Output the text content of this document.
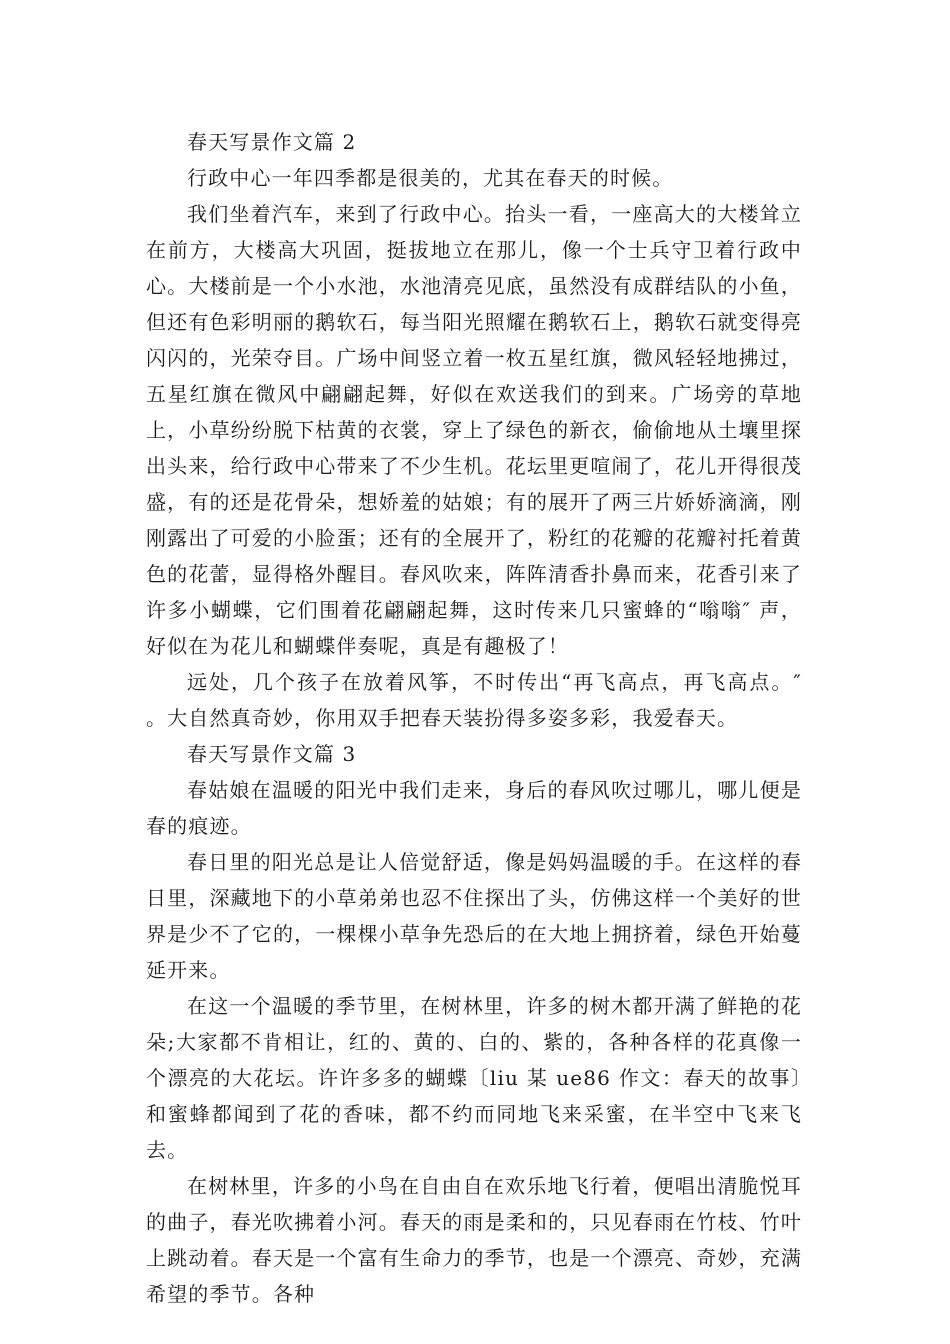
春天写景作文篇 2

行政中心一年四季都是很美的，尤其在春天的时候。

我们坐着汽车，来到了行政中心。抬头一看，一座高大的大楼耸立在前方，大楼高大巩固，挺拔地立在那儿，像一个士兵守卫着行政中心。大楼前是一个小水池，水池清亮见底，虽然没有成群结队的小鱼，但还有色彩明丽的鹅软石，每当阳光照耀在鹅软石上，鹅软石就变得亮闪闪的，光荣夺目。广场中间竖立着一枚五星红旗，微风轻轻地拂过，五星红旗在微风中翩翩起舞，好似在欢送我们的到来。广场旁的草地上，小草纷纷脱下枯黄的衣裳，穿上了绿色的新衣，偷偷地从土壤里探出头来，给行政中心带来了不少生机。花坛里更喧闹了，花儿开得很茂盛，有的还是花骨朵，想娇羞的姑娘；有的展开了两三片娇娇滴滴，刚刚露出了可爱的小脸蛋；还有的全展开了，粉红的花瓣的花瓣衬托着黄色的花蕾，显得格外醒目。春风吹来，阵阵清香扑鼻而来，花香引来了许多小蝴蝶，它们围着花翩翩起舞，这时传来几只蜜蜂的“嗡嗡″ 声，好似在为花儿和蝴蝶伴奏呢，真是有趣极了！

远处，几个孩子在放着风筝，不时传出“再飞高点，再飞高点。″ 。大自然真奇妙，你用双手把春天装扮得多姿多彩，我爱春天。

春天写景作文篇 3

春姑娘在温暖的阳光中我们走来，身后的春风吹过哪儿，哪儿便是春的痕迹。

春日里的阳光总是让人倍觉舒适，像是妈妈温暖的手。在这样的春日里，深藏地下的小草弟弟也忍不住探出了头，仿佛这样一个美好的世界是少不了它的，一棵棵小草争先恐后的在大地上拥挤着，绿色开始蔓延开来。

在这一个温暖的季节里，在树林里，许多的树木都开满了鲜艳的花朵;大家都不肯相让，红的、黄的、白的、紫的，各种各样的花真像一个漂亮的大花坛。许许多多的蝴蝶〔liu 某 ue86 作文：春天的故事〕和蜜蜂都闻到了花的香味，都不约而同地飞来采蜜，在半空中飞来飞去。

在树林里，许多的小鸟在自由自在欢乐地飞行着，便唱出清脆悦耳的曲子，春光吹拂着小河。春天的雨是柔和的，只见春雨在竹枝、竹叶上跳动着。春天是一个富有生命力的季节，也是一个漂亮、奇妙，充满希望的季节。各种
